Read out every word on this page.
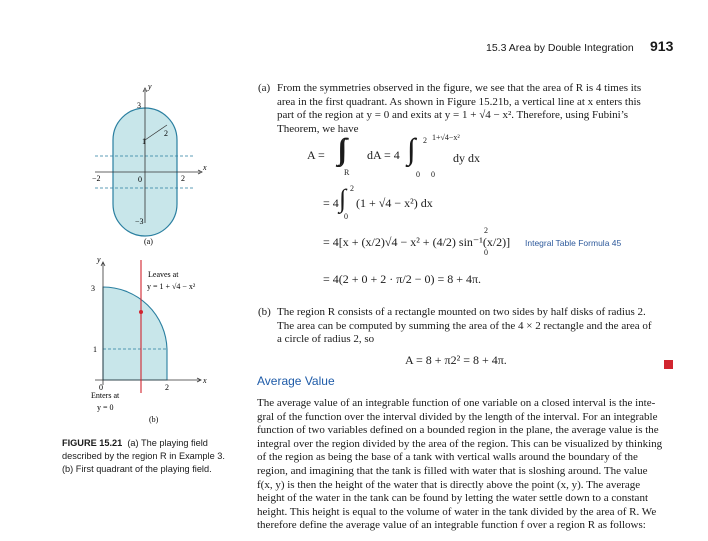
15.3 Area by Double Integration 913
(a) From the symmetries observed in the figure, we see that the area of R is 4 times its
area in the first quadrant. As shown in Figure 15.21b, a vertical line at x enters this
part of the region at y = 0 and exits at y = 1 + √4 − x². Therefore, using Fubini’s
Theorem, we have
A =
R
dA = 4 ∫∫ 2
0
1+√4−x²
0
dy dx
= 4 ∫ 2
0
(1 + √4 − x²) dx
= 4[x + (x/2)√4 − x² + (4/2) sin⁻¹(x/2)]
2
0
Integral Table Formula 45
= 4(2 + 0 + 2 · π/2 − 0) = 8 + 4π.
(b) The region R consists of a rectangle mounted on two sides by half disks of radius 2.
The area can be computed by summing the area of the 4 × 2 rectangle and the area of
a circle of radius 2, so
A = 8 + π2² = 8 + 4π.
Average Value
The average value of an integrable function of one variable on a closed interval is the inte-
gral of the function over the interval divided by the length of the interval. For an integrable
function of two variables defined on a bounded region in the plane, the average value is the
integral over the region divided by the area of the region. This can be visualized by thinking
of the region as being the base of a tank with vertical walls around the boundary of the
region, and imagining that the tank is filled with water that is sloshing around. The value
f(x, y) is then the height of the water that is directly above the point (x, y). The average
height of the water in the tank can be found by letting the water settle down to a constant
height. This height is equal to the volume of water in the tank divided by the area of R. We
therefore define the average value of an integrable function f over a region R as follows:
y
x
3
−3
−2	2
0
1
2
(a)
y
x
3
1
0	2
Leaves at
y = 1 + √4 − x²
Enters at
y = 0
(b)
FIGURE 15.21 (a) The playing field
described by the region R in Example 3.
(b) First quadrant of the playing field.
